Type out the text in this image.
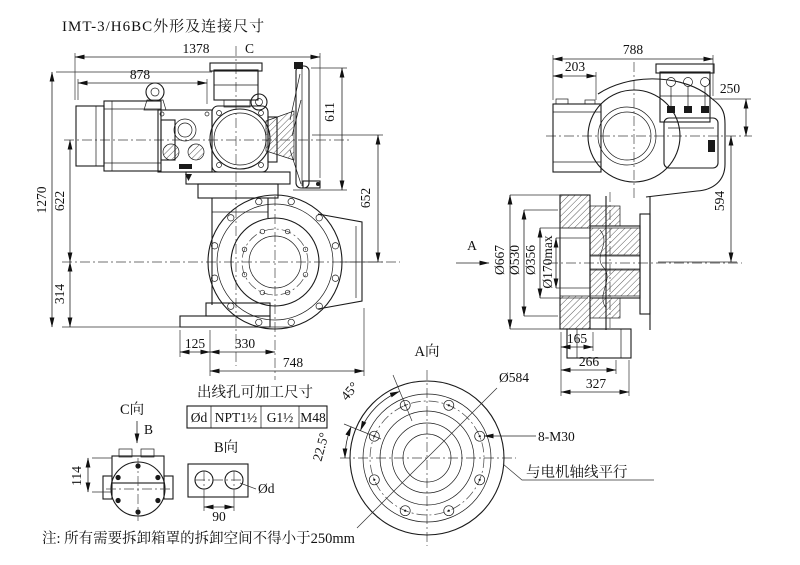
IMT-3/H6BC外形及连接尺寸
1378	C
878
1270 622
314
611
652
125 330
748
788
203
250
594
Ø667 Ø530 Ø356 Ø170max
165
266
327
A
A向
Ø584
45°
22.5°	8-M30
与电机轴线平行
C向
B
114
B向
Ød
90
出线孔可加工尺寸
Ød NPT1½ G1½ M48
注: 所有需要拆卸箱罩的拆卸空间不得小于250mm
